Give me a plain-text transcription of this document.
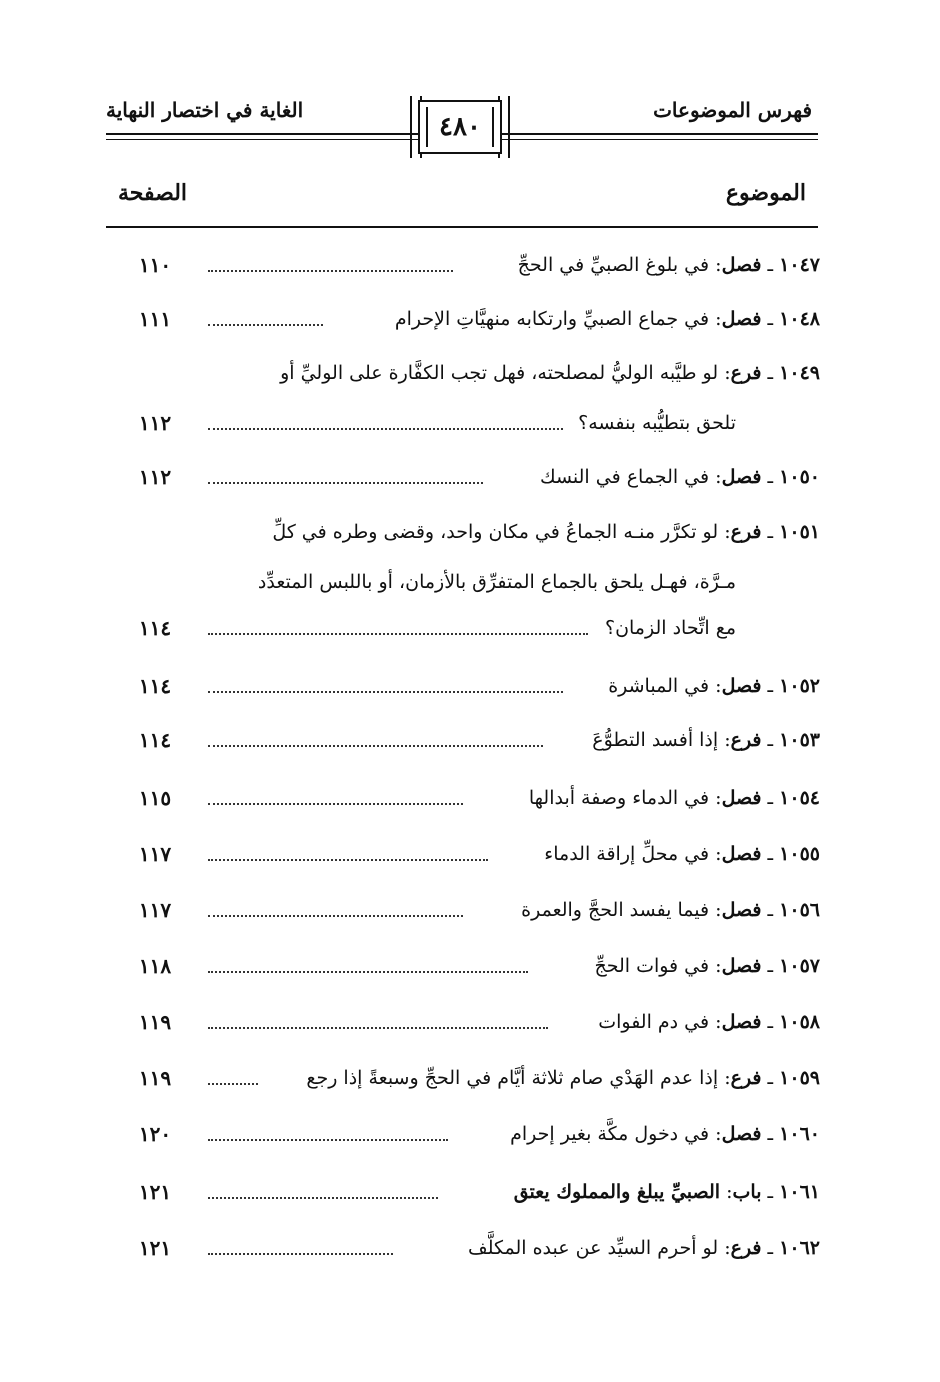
فهرس الموضوعات
الغاية في اختصار النهاية
٤٨٠
الموضوع
الصفحة
١٠٤٧ ـ فصل: في بلوغ الصبيِّ في الحجِّ
١١٠
١٠٤٨ ـ فصل: في جماع الصبيِّ وارتكابه منهيَّاتِ الإحرام
١١١
١٠٤٩ ـ فرع: لو طيَّبه الوليُّ لمصلحته، فهل تجب الكفَّارة على الوليِّ أو
تلحق بتطيُّبه بنفسه؟
١١٢
١٠٥٠ ـ فصل: في الجماع في النسك
١١٢
١٠٥١ ـ فرع: لو تكرَّر منـه الجماعُ في مكان واحد، وقضى وطره في كلِّ
مـرَّة، فهـل يلحق بالجماع المتفرِّق بالأزمان، أو باللبس المتعدِّد
مع اتِّحاد الزمان؟
١١٤
١٠٥٢ ـ فصل: في المباشرة
١١٤
١٠٥٣ ـ فرع: إذا أفسد التطوُّعَ
١١٤
١٠٥٤ ـ فصل: في الدماء وصفة أبدالها
١١٥
١٠٥٥ ـ فصل: في محلِّ إراقة الدماء
١١٧
١٠٥٦ ـ فصل: فيما يفسد الحجَّ والعمرة
١١٧
١٠٥٧ ـ فصل: في فوات الحجِّ
١١٨
١٠٥٨ ـ فصل: في دم الفوات
١١٩
١٠٥٩ ـ فرع: إذا عدم الهَدْي صام ثلاثة أيَّام في الحجِّ وسبعةً إذا رجع
١١٩
١٠٦٠ ـ فصل: في دخول مكَّة بغير إحرام
١٢٠
١٠٦١ ـ باب: الصبيِّ يبلغ والمملوك يعتق
١٢١
١٠٦٢ ـ فرع: لو أحرم السيِّد عن عبده المكلَّف
١٢١
